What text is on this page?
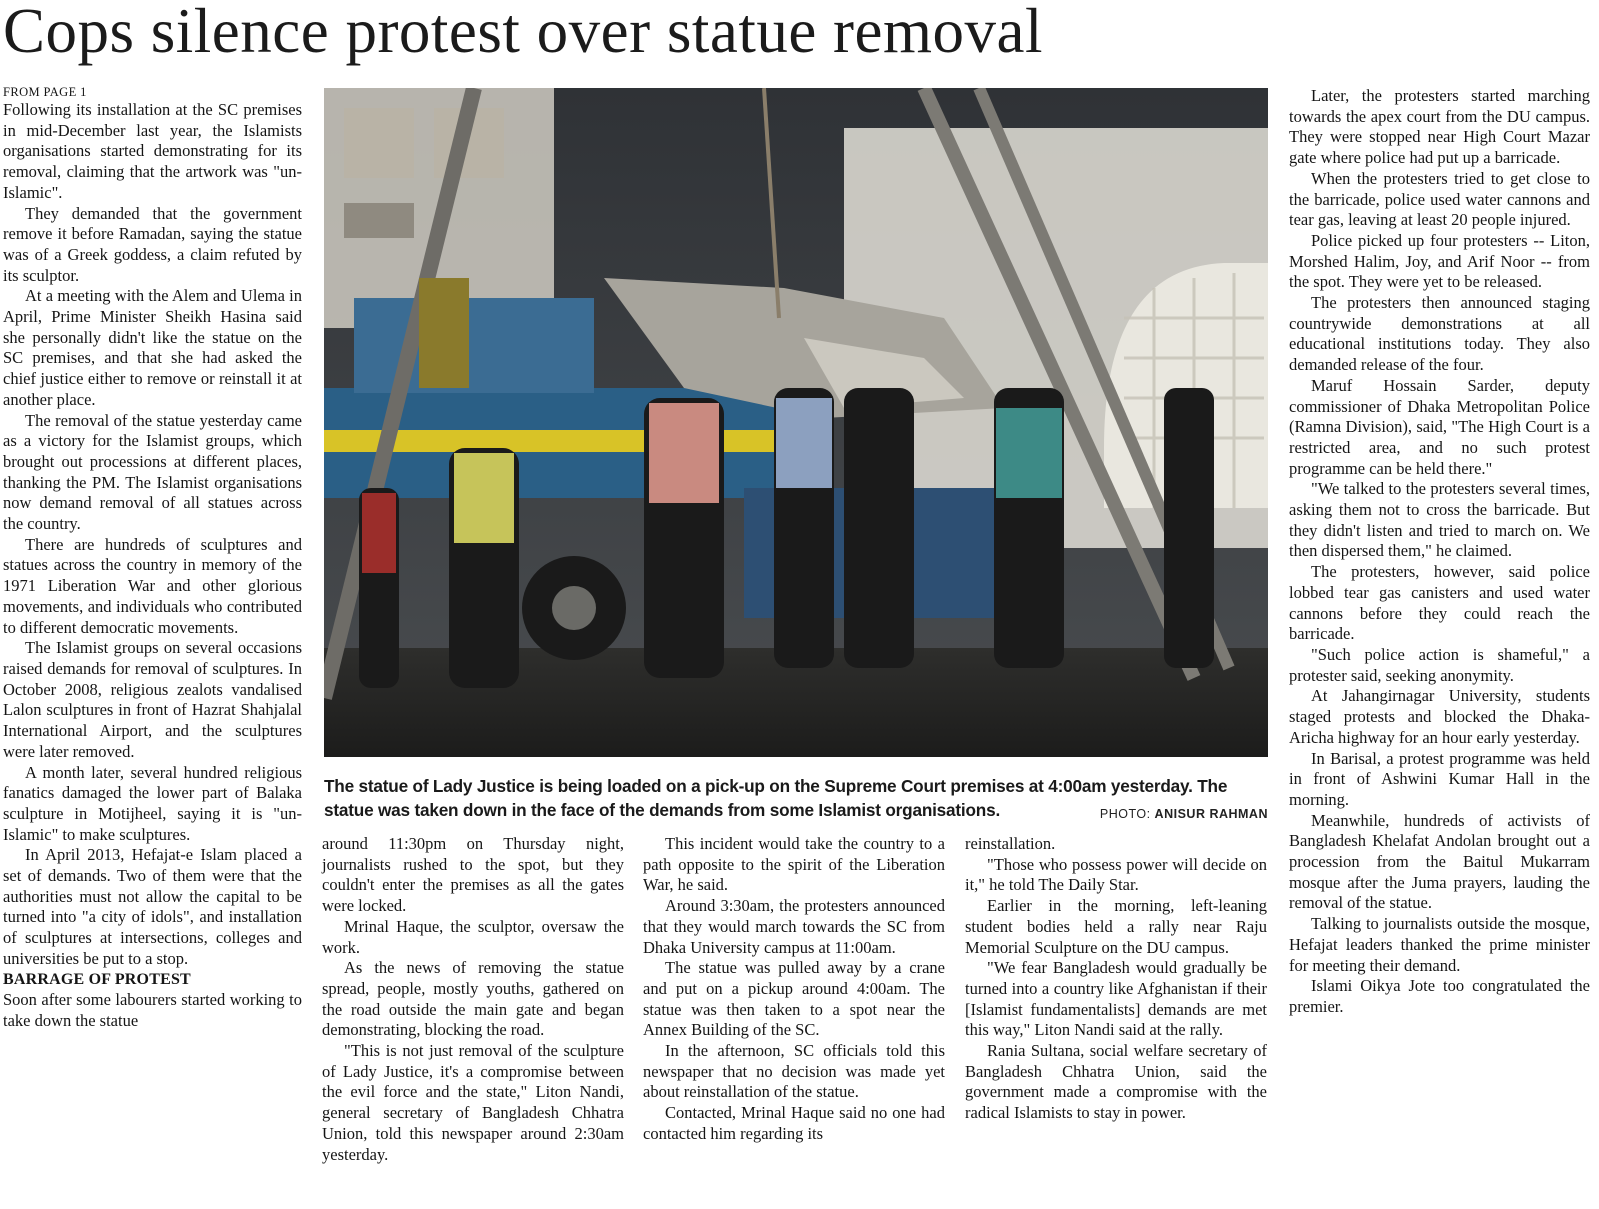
Cops silence protest over statue removal

FROM PAGE 1

Following its installation at the SC premises in mid-December last year, the Islamists organisations started demonstrating for its removal, claiming that the artwork was "un-Islamic".

They demanded that the government remove it before Ramadan, saying the statue was of a Greek goddess, a claim refuted by its sculptor.

At a meeting with the Alem and Ulema in April, Prime Minister Sheikh Hasina said she personally didn't like the statue on the SC premises, and that she had asked the chief justice either to remove or reinstall it at another place.

The removal of the statue yesterday came as a victory for the Islamist groups, which brought out processions at different places, thanking the PM. The Islamist organisations now demand removal of all statues across the country.

There are hundreds of sculptures and statues across the country in memory of the 1971 Liberation War and other glorious movements, and individuals who contributed to different democratic movements.

The Islamist groups on several occasions raised demands for removal of sculptures. In October 2008, religious zealots vandalised Lalon sculptures in front of Hazrat Shahjalal International Airport, and the sculptures were later removed.

A month later, several hundred religious fanatics damaged the lower part of Balaka sculpture in Motijheel, saying it is "un-Islamic" to make sculptures.

In April 2013, Hefajat-e Islam placed a set of demands. Two of them were that the authorities must not allow the capital to be turned into "a city of idols", and installation of sculptures at intersections, colleges and universities be put to a stop.

BARRAGE OF PROTEST

Soon after some labourers started working to take down the statue

The statue of Lady Justice is being loaded on a pick-up on the Supreme Court premises at 4:00am yesterday. The statue was taken down in the face of the demands from some Islamist organisations.	PHOTO: ANISUR RAHMAN

around 11:30pm on Thursday night, journalists rushed to the spot, but they couldn't enter the premises as all the gates were locked.

Mrinal Haque, the sculptor, oversaw the work.

As the news of removing the statue spread, people, mostly youths, gathered on the road outside the main gate and began demonstrating, blocking the road.

"This is not just removal of the sculpture of Lady Justice, it's a compromise between the evil force and the state," Liton Nandi, general secretary of Bangladesh Chhatra Union, told this newspaper around 2:30am yesterday.

This incident would take the country to a path opposite to the spirit of the Liberation War, he said.

Around 3:30am, the protesters announced that they would march towards the SC from Dhaka University campus at 11:00am.

The statue was pulled away by a crane and put on a pickup around 4:00am. The statue was then taken to a spot near the Annex Building of the SC.

In the afternoon, SC officials told this newspaper that no decision was made yet about reinstallation of the statue.

Contacted, Mrinal Haque said no one had contacted him regarding its

reinstallation.

"Those who possess power will decide on it," he told The Daily Star.

Earlier in the morning, left-leaning student bodies held a rally near Raju Memorial Sculpture on the DU campus.

"We fear Bangladesh would gradually be turned into a country like Afghanistan if their [Islamist fundamentalists] demands are met this way," Liton Nandi said at the rally.

Rania Sultana, social welfare secretary of Bangladesh Chhatra Union, said the government made a compromise with the radical Islamists to stay in power.

Later, the protesters started marching towards the apex court from the DU campus. They were stopped near High Court Mazar gate where police had put up a barricade.

When the protesters tried to get close to the barricade, police used water cannons and tear gas, leaving at least 20 people injured.

Police picked up four protesters -- Liton, Morshed Halim, Joy, and Arif Noor -- from the spot. They were yet to be released.

The protesters then announced staging countrywide demonstrations at all educational institutions today. They also demanded release of the four.

Maruf Hossain Sarder, deputy commissioner of Dhaka Metropolitan Police (Ramna Division), said, "The High Court is a restricted area, and no such protest programme can be held there."

"We talked to the protesters several times, asking them not to cross the barricade. But they didn't listen and tried to march on. We then dispersed them," he claimed.

The protesters, however, said police lobbed tear gas canisters and used water cannons before they could reach the barricade.

"Such police action is shameful," a protester said, seeking anonymity.

At Jahangirnagar University, students staged protests and blocked the Dhaka-Aricha highway for an hour early yesterday.

In Barisal, a protest programme was held in front of Ashwini Kumar Hall in the morning.

Meanwhile, hundreds of activists of Bangladesh Khelafat Andolan brought out a procession from the Baitul Mukarram mosque after the Juma prayers, lauding the removal of the statue.

Talking to journalists outside the mosque, Hefajat leaders thanked the prime minister for meeting their demand.

Islami Oikya Jote too congratulated the premier.
